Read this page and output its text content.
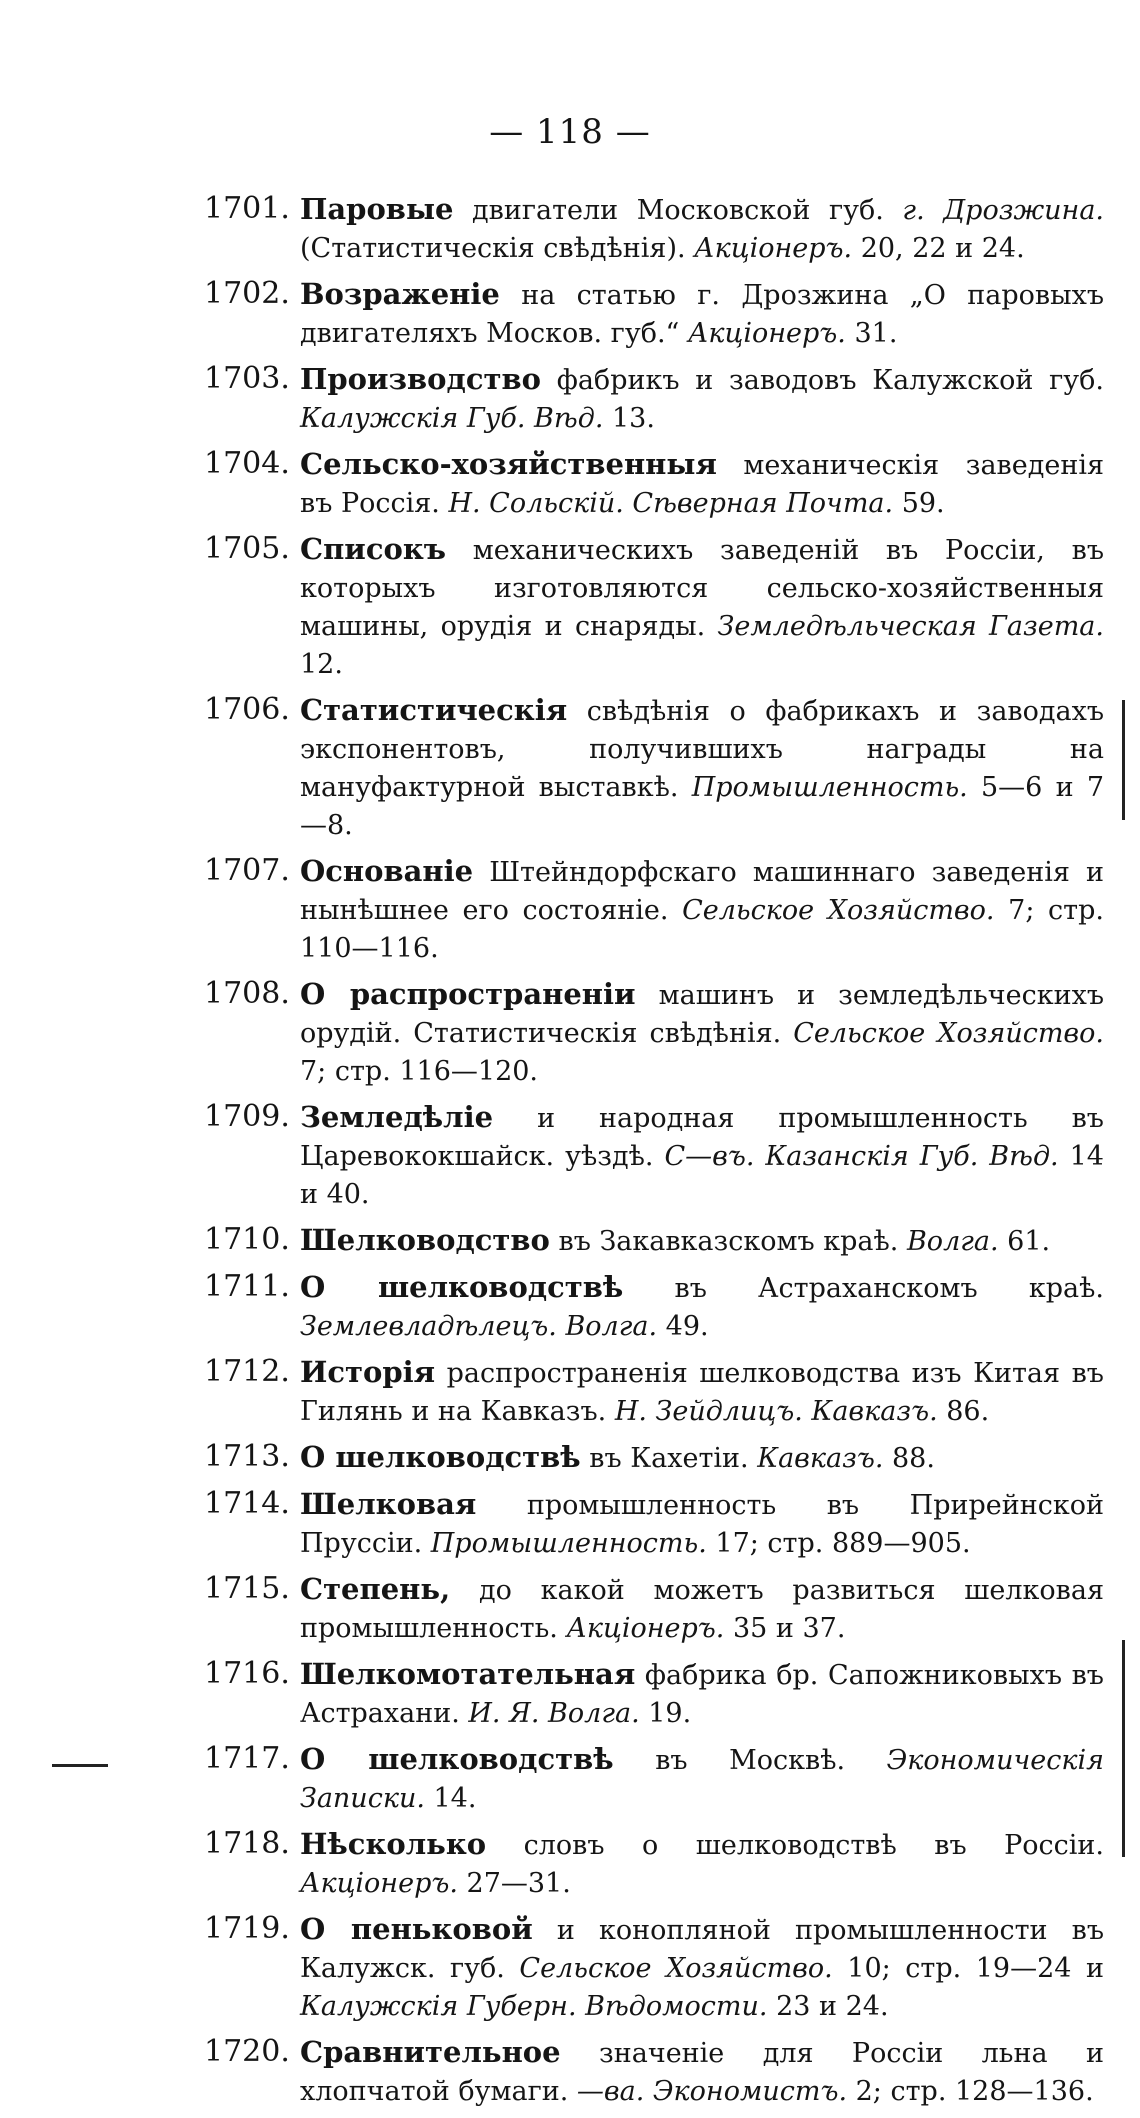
— 118 —
1701. Паровые двигатели Московской губ. г. Дрозжина. (Статистическія свѣдѣнія). Акціонеръ. 20, 22 и 24.
1702. Возраженіе на статью г. Дрозжина „О паровыхъ двигателяхъ Москов. губ.“ Акціонеръ. 31.
1703. Производство фабрикъ и заводовъ Калужской губ. Калужскія Губ. Вѣд. 13.
1704. Сельско-хозяйственныя механическія заведенія въ Россія. Н. Сольскій. Сѣверная Почта. 59.
1705. Списокъ механическихъ заведеній въ Россіи, въ которыхъ изготовляются сельско-хозяйственныя машины, орудія и снаряды. Земледѣльческая Газета. 12.
1706. Статистическія свѣдѣнія о фабрикахъ и заводахъ экспонентовъ, получившихъ награды на мануфактурной выставкѣ. Промышленность. 5—6 и 7—8.
1707. Основаніе Штейндорфскаго машиннаго заведенія и нынѣшнее его состояніе. Сельское Хозяйство. 7; стр. 110—116.
1708. О распространеніи машинъ и земледѣльческихъ орудій. Статистическія свѣдѣнія. Сельское Хозяйство. 7; стр. 116—120.
1709. Земледѣліе и народная промышленность въ Царевококшайск. уѣздѣ. С—въ. Казанскія Губ. Вѣд. 14 и 40.
1710. Шелководство въ Закавказскомъ краѣ. Волга. 61.
1711. О шелководствѣ въ Астраханскомъ краѣ. Землевладѣлецъ. Волга. 49.
1712. Исторія распространенія шелководства изъ Китая въ Гилянь и на Кавказъ. Н. Зейдлицъ. Кавказъ. 86.
1713. О шелководствѣ въ Кахетіи. Кавказъ. 88.
1714. Шелковая промышленность въ Прирейнской Пруссіи. Промышленность. 17; стр. 889—905.
1715. Степень, до какой можетъ развиться шелковая промышленность. Акціонеръ. 35 и 37.
1716. Шелкомотательная фабрика бр. Сапожниковыхъ въ Астрахани. И. Я. Волга. 19.
1717. О шелководствѣ въ Москвѣ. Экономическія Записки. 14.
1718. Нѣсколько словъ о шелководствѣ въ Россіи. Акціонеръ. 27—31.
1719. О пеньковой и конопляной промышленности въ Калужск. губ. Сельское Хозяйство. 10; стр. 19—24 и Калужскія Губерн. Вѣдомости. 23 и 24.
1720. Сравнительное значеніе для Россіи льна и хлопчатой бумаги. —ва. Экономистъ. 2; стр. 128—136.
